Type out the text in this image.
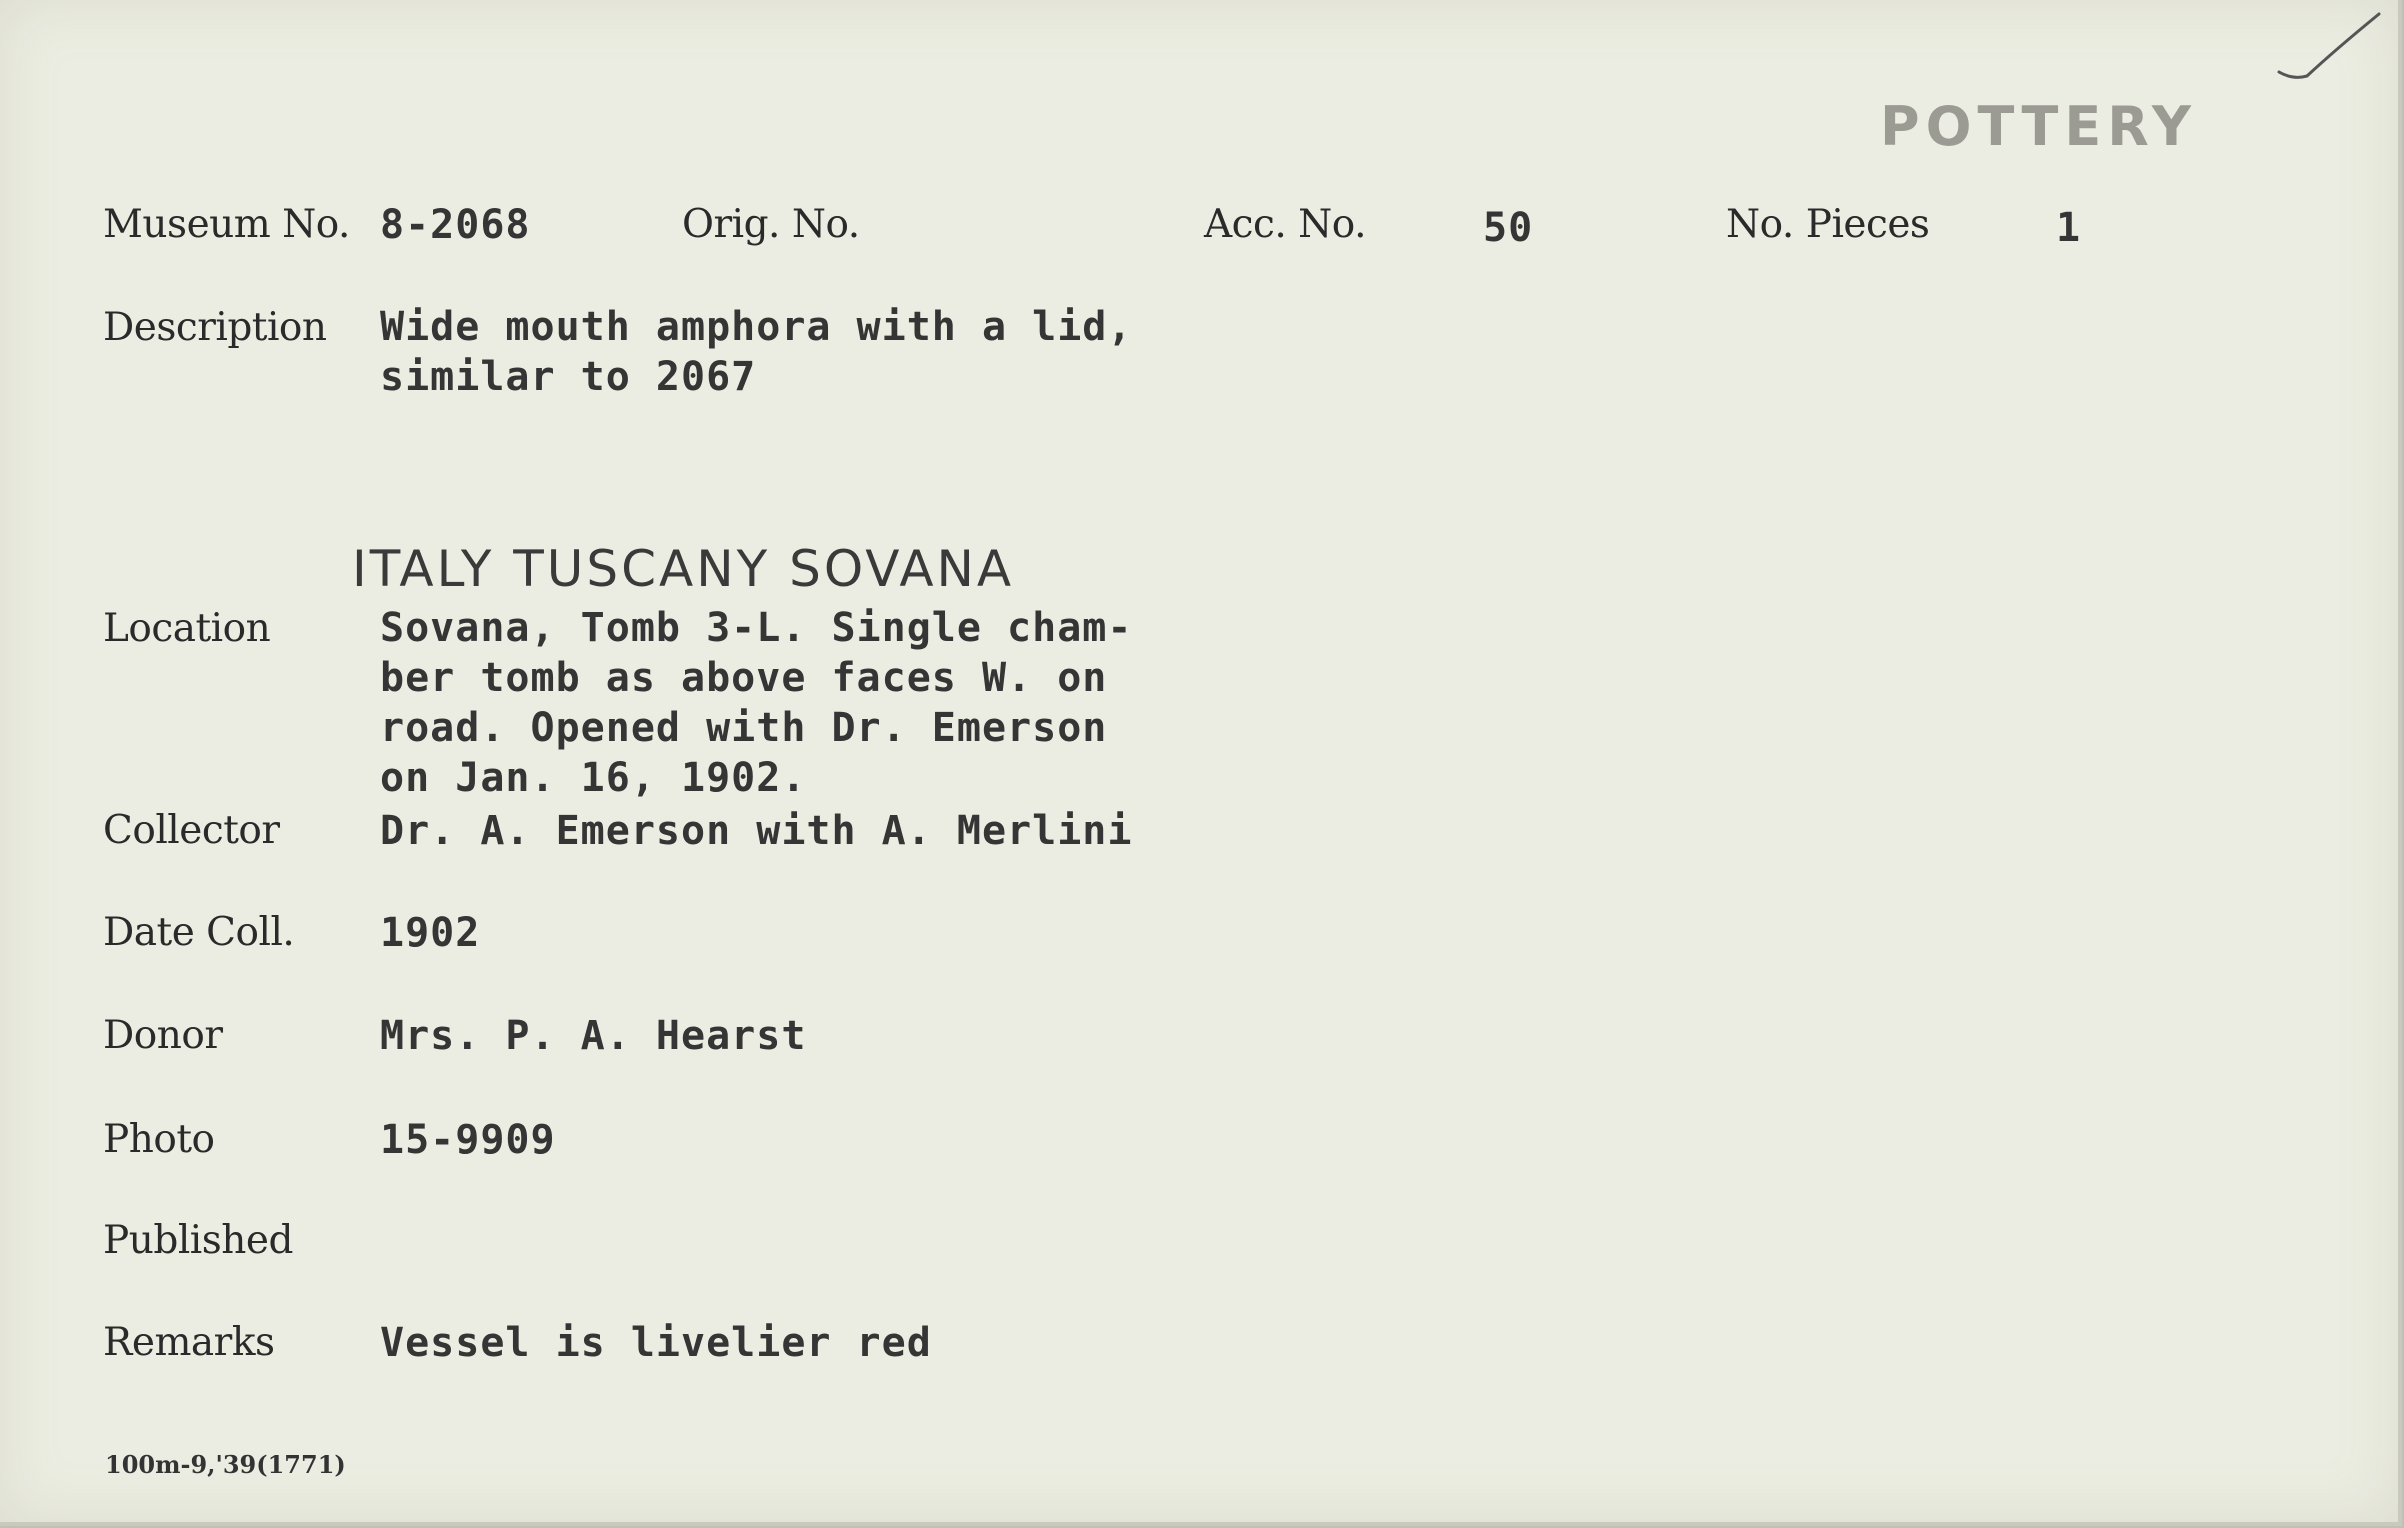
POTTERY
Museum No. 8-2068	Orig. No.	Acc. No.	50	No. Pieces	1
Description Wide mouth amphora with a lid,
similar to 2067
ITALY TUSCANY SOVANA
Location	Sovana, Tomb 3-L. Single cham-
ber tomb as above faces W. on
road. Opened with Dr. Emerson
on Jan. 16, 1902.
Collector	Dr. A. Emerson with A. Merlini
Date Coll. 1902
Donor	Mrs. P. A. Hearst
Photo	15-9909
Published
Remarks	Vessel is livelier red
100m-9,'39(1771)
